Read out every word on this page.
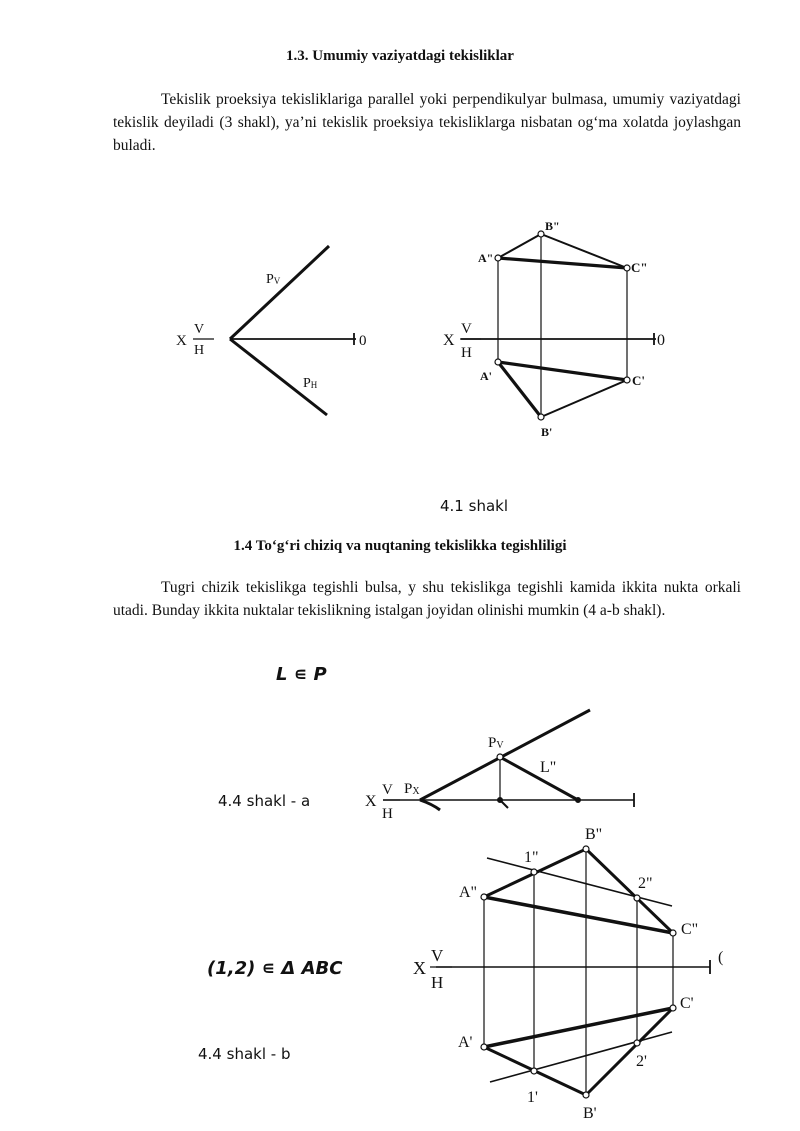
1.3. Umumiy vaziyatdagi tekisliklar
Tekislik proeksiya tekisliklariga parallel yoki perpendikulyar bulmasa, umumiy vaziyatdagi tekislik deyiladi (3 shakl), ya’ni tekislik proeksiya tekisliklarga nisbatan og‘ma xolatda joylashgan buladi.
X
V
H
0
PV
PH
X
V
H
0
A"
B"
C"
A'
B'
C'
X
V
H
PV
PX
L"
X
V
H
(
A"
1"
B"
2"
C"
A'
1'
B'
2'
C'
4.1 shakl
1.4 To‘g‘ri chiziq va nuqtaning tekislikka tegishliligi
Tugri chizik tekislikga tegishli bulsa, y shu tekislikga tegishli kamida ikkita nukta orkali utadi. Bunday ikkita nuktalar tekislikning istalgan joyidan olinishi mumkin (4 a-b shakl).
L ∊ P
4.4 shakl - a
(1,2) ∊ Δ ABC
4.4 shakl - b
